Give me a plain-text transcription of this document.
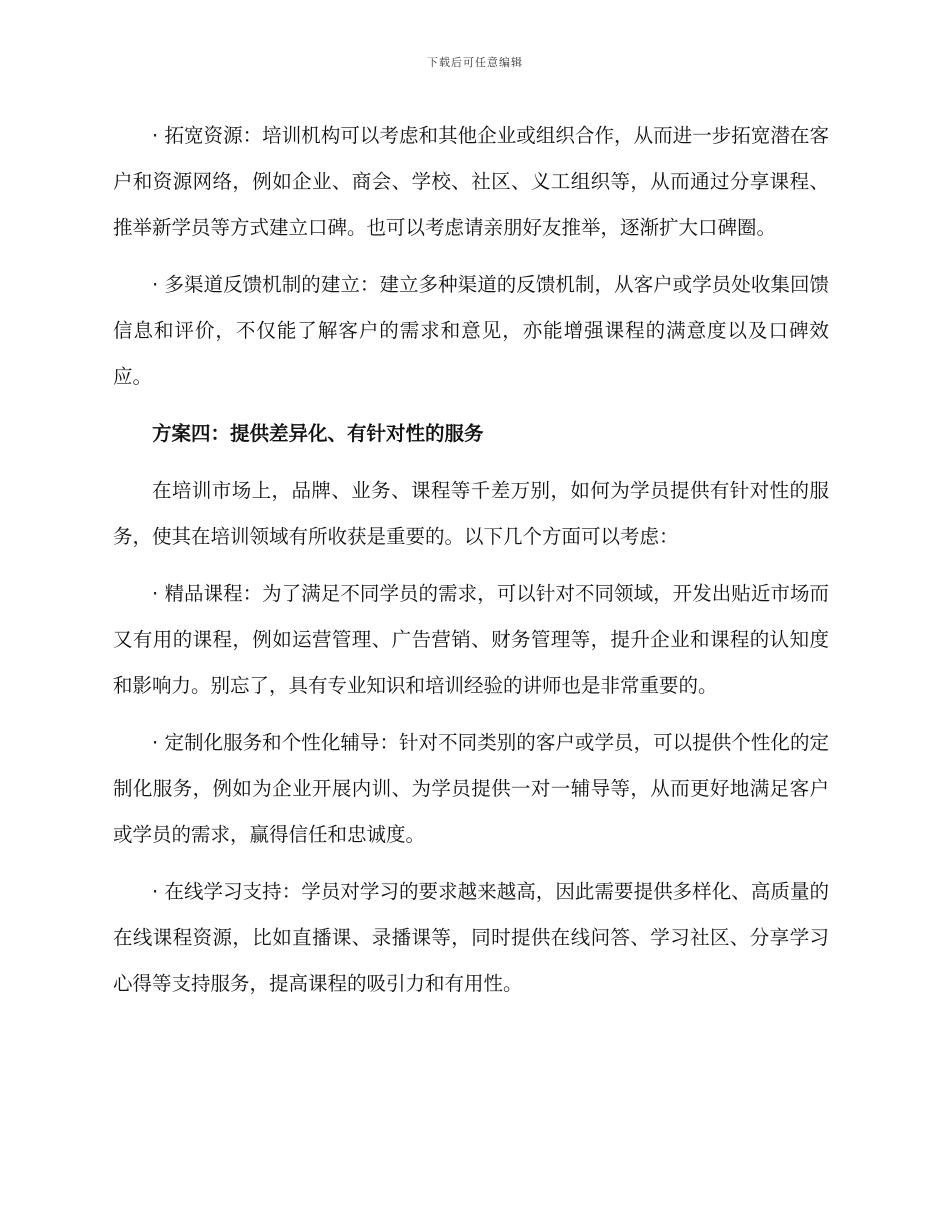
下载后可任意编辑

· 拓宽资源：培训机构可以考虑和其他企业或组织合作，从而进一步拓宽潜在客户和资源网络，例如企业、商会、学校、社区、义工组织等，从而通过分享课程、推举新学员等方式建立口碑。也可以考虑请亲朋好友推举，逐渐扩大口碑圈。

· 多渠道反馈机制的建立：建立多种渠道的反馈机制，从客户或学员处收集回馈信息和评价，不仅能了解客户的需求和意见，亦能增强课程的满意度以及口碑效应。

方案四：提供差异化、有针对性的服务

在培训市场上，品牌、业务、课程等千差万别，如何为学员提供有针对性的服务，使其在培训领域有所收获是重要的。以下几个方面可以考虑：

· 精品课程：为了满足不同学员的需求，可以针对不同领域，开发出贴近市场而又有用的课程，例如运营管理、广告营销、财务管理等，提升企业和课程的认知度和影响力。别忘了，具有专业知识和培训经验的讲师也是非常重要的。

· 定制化服务和个性化辅导：针对不同类别的客户或学员，可以提供个性化的定制化服务，例如为企业开展内训、为学员提供一对一辅导等，从而更好地满足客户或学员的需求，赢得信任和忠诚度。

· 在线学习支持：学员对学习的要求越来越高，因此需要提供多样化、高质量的在线课程资源，比如直播课、录播课等，同时提供在线问答、学习社区、分享学习心得等支持服务，提高课程的吸引力和有用性。
